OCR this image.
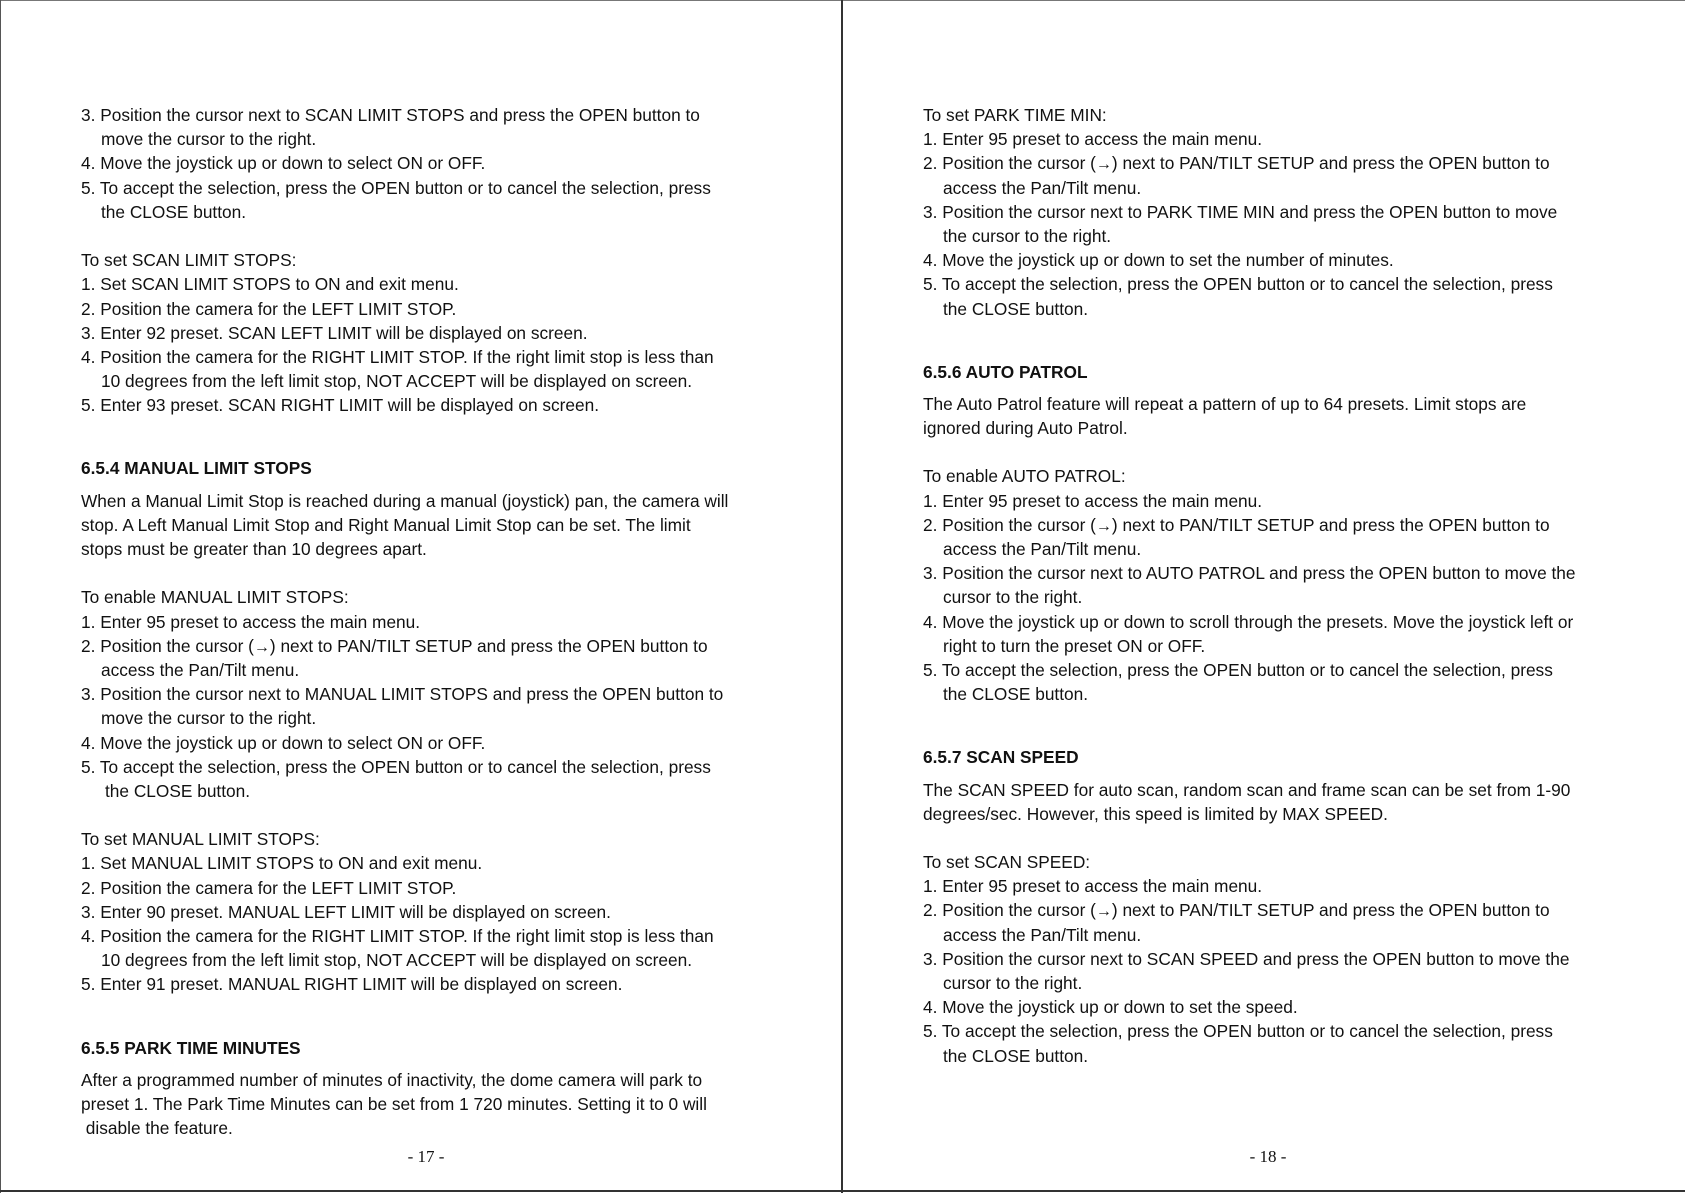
3. Position the cursor next to SCAN LIMIT STOPS and press the OPEN button to
move the cursor to the right.
4. Move the joystick up or down to select ON or OFF.
5. To accept the selection, press the OPEN button or to cancel the selection, press
the CLOSE button.
To set SCAN LIMIT STOPS:
1. Set SCAN LIMIT STOPS to ON and exit menu.
2. Position the camera for the LEFT LIMIT STOP.
3. Enter 92 preset. SCAN LEFT LIMIT will be displayed on screen.
4. Position the camera for the RIGHT LIMIT STOP. If the right limit stop is less than
10 degrees from the left limit stop, NOT ACCEPT will be displayed on screen.
5. Enter 93 preset. SCAN RIGHT LIMIT will be displayed on screen.
6.5.4 MANUAL LIMIT STOPS
When a Manual Limit Stop is reached during a manual (joystick) pan, the camera will
stop. A Left Manual Limit Stop and Right Manual Limit Stop can be set. The limit
stops must be greater than 10 degrees apart.
To enable MANUAL LIMIT STOPS:
1. Enter 95 preset to access the main menu.
2. Position the cursor (→) next to PAN/TILT SETUP and press the OPEN button to
access the Pan/Tilt menu.
3. Position the cursor next to MANUAL LIMIT STOPS and press the OPEN button to
move the cursor to the right.
4. Move the joystick up or down to select ON or OFF.
5. To accept the selection, press the OPEN button or to cancel the selection, press
the CLOSE button.
To set MANUAL LIMIT STOPS:
1. Set MANUAL LIMIT STOPS to ON and exit menu.
2. Position the camera for the LEFT LIMIT STOP.
3. Enter 90 preset. MANUAL LEFT LIMIT will be displayed on screen.
4. Position the camera for the RIGHT LIMIT STOP. If the right limit stop is less than
10 degrees from the left limit stop, NOT ACCEPT will be displayed on screen.
5. Enter 91 preset. MANUAL RIGHT LIMIT will be displayed on screen.
6.5.5 PARK TIME MINUTES
After a programmed number of minutes of inactivity, the dome camera will park to
preset 1. The Park Time Minutes can be set from 1 720 minutes. Setting it to 0 will
disable the feature.
- 17 -
To set PARK TIME MIN:
1. Enter 95 preset to access the main menu.
2. Position the cursor (→) next to PAN/TILT SETUP and press the OPEN button to
access the Pan/Tilt menu.
3. Position the cursor next to PARK TIME MIN and press the OPEN button to move
the cursor to the right.
4. Move the joystick up or down to set the number of minutes.
5. To accept the selection, press the OPEN button or to cancel the selection, press
the CLOSE button.
6.5.6 AUTO PATROL
The Auto Patrol feature will repeat a pattern of up to 64 presets. Limit stops are
ignored during Auto Patrol.
To enable AUTO PATROL:
1. Enter 95 preset to access the main menu.
2. Position the cursor (→) next to PAN/TILT SETUP and press the OPEN button to
access the Pan/Tilt menu.
3. Position the cursor next to AUTO PATROL and press the OPEN button to move the
cursor to the right.
4. Move the joystick up or down to scroll through the presets. Move the joystick left or
right to turn the preset ON or OFF.
5. To accept the selection, press the OPEN button or to cancel the selection, press
the CLOSE button.
6.5.7 SCAN SPEED
The SCAN SPEED for auto scan, random scan and frame scan can be set from 1-90
degrees/sec. However, this speed is limited by MAX SPEED.
To set SCAN SPEED:
1. Enter 95 preset to access the main menu.
2. Position the cursor (→) next to PAN/TILT SETUP and press the OPEN button to
access the Pan/Tilt menu.
3. Position the cursor next to SCAN SPEED and press the OPEN button to move the
cursor to the right.
4. Move the joystick up or down to set the speed.
5. To accept the selection, press the OPEN button or to cancel the selection, press
the CLOSE button.
- 18 -
